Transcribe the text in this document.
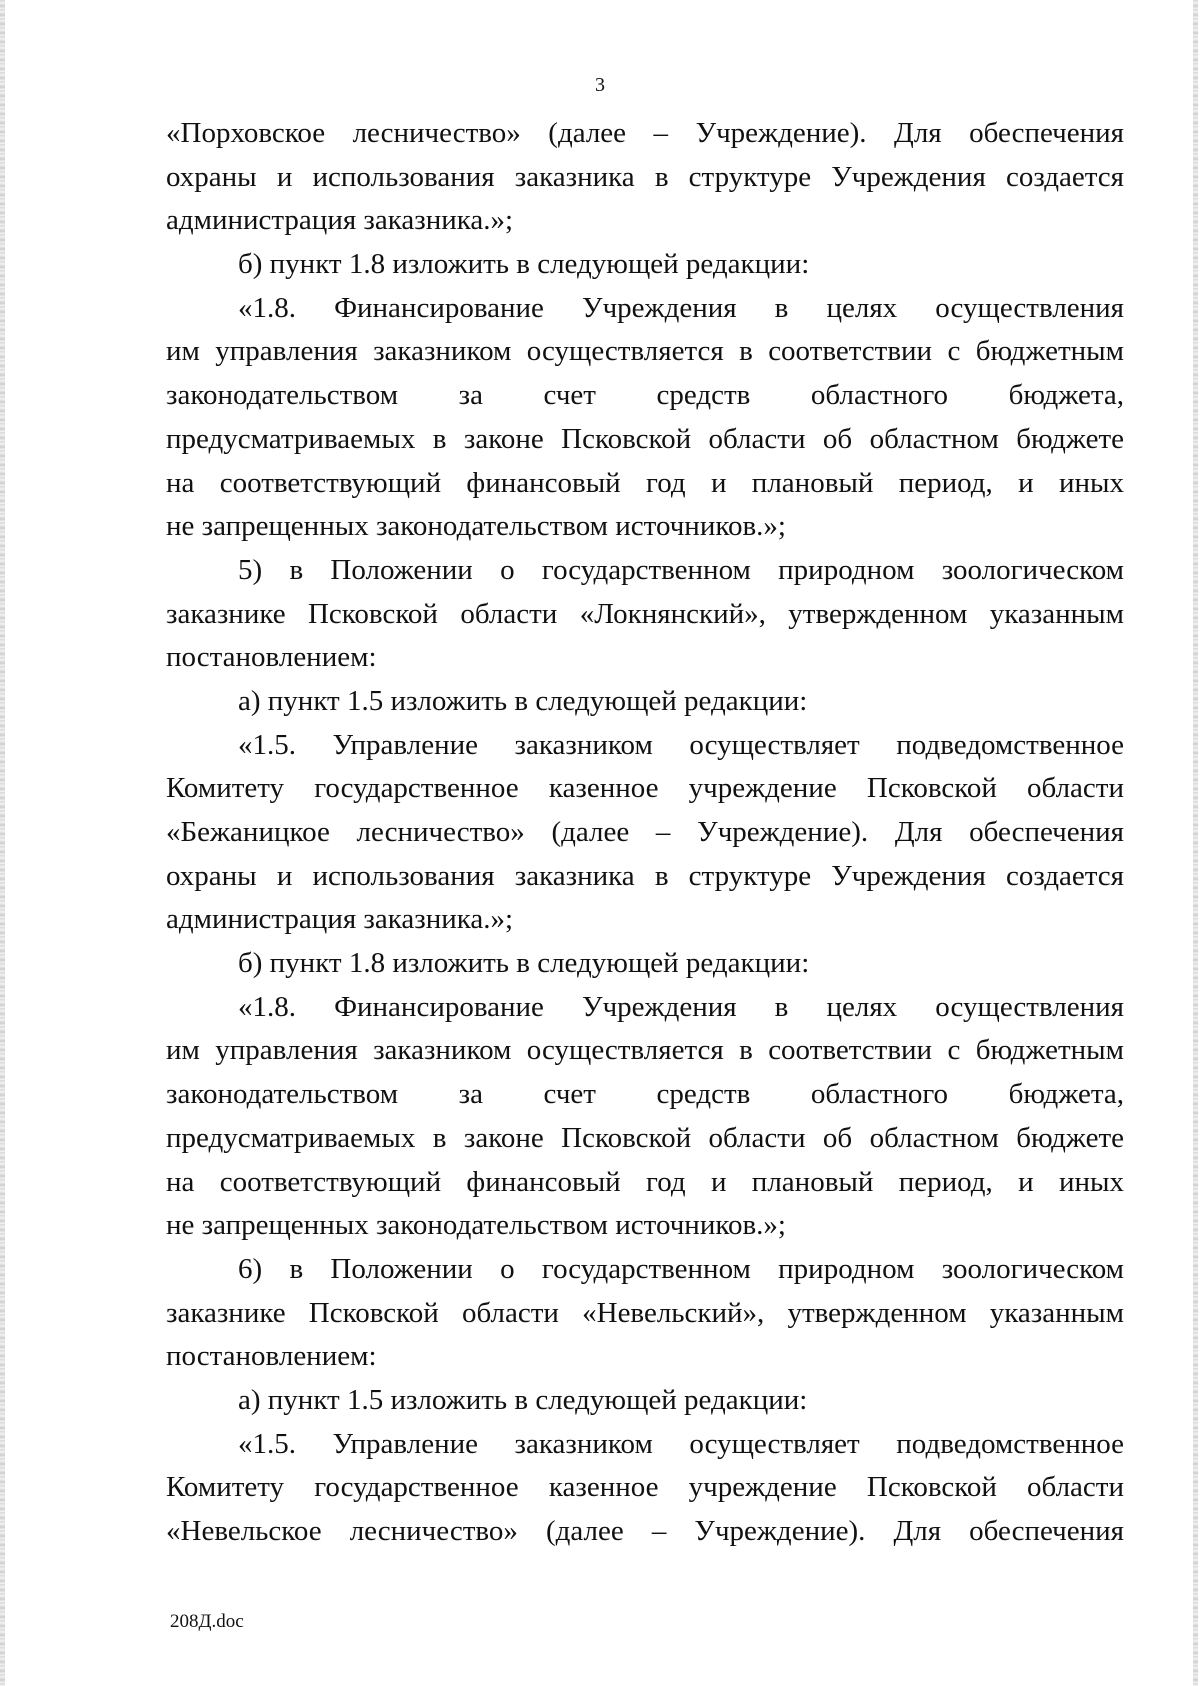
3
«Порховское лесничество» (далее – Учреждение). Для обеспечения
охраны и использования заказника в структуре Учреждения создается
администрация заказника.»;
б) пункт 1.8 изложить в следующей редакции:
«1.8. Финансирование Учреждения в целях осуществления
им управления заказником осуществляется в соответствии с бюджетным
законодательством за счет средств областного бюджета,
предусматриваемых в законе Псковской области об областном бюджете
на соответствующий финансовый год и плановый период, и иных
не запрещенных законодательством источников.»;
5) в Положении о государственном природном зоологическом
заказнике Псковской области «Локнянский», утвержденном указанным
постановлением:
а) пункт 1.5 изложить в следующей редакции:
«1.5. Управление заказником осуществляет подведомственное
Комитету государственное казенное учреждение Псковской области
«Бежаницкое лесничество» (далее – Учреждение). Для обеспечения
охраны и использования заказника в структуре Учреждения создается
администрация заказника.»;
б) пункт 1.8 изложить в следующей редакции:
«1.8. Финансирование Учреждения в целях осуществления
им управления заказником осуществляется в соответствии с бюджетным
законодательством за счет средств областного бюджета,
предусматриваемых в законе Псковской области об областном бюджете
на соответствующий финансовый год и плановый период, и иных
не запрещенных законодательством источников.»;
6) в Положении о государственном природном зоологическом
заказнике Псковской области «Невельский», утвержденном указанным
постановлением:
а) пункт 1.5 изложить в следующей редакции:
«1.5. Управление заказником осуществляет подведомственное
Комитету государственное казенное учреждение Псковской области
«Невельское лесничество» (далее – Учреждение). Для обеспечения
208Д.doc
